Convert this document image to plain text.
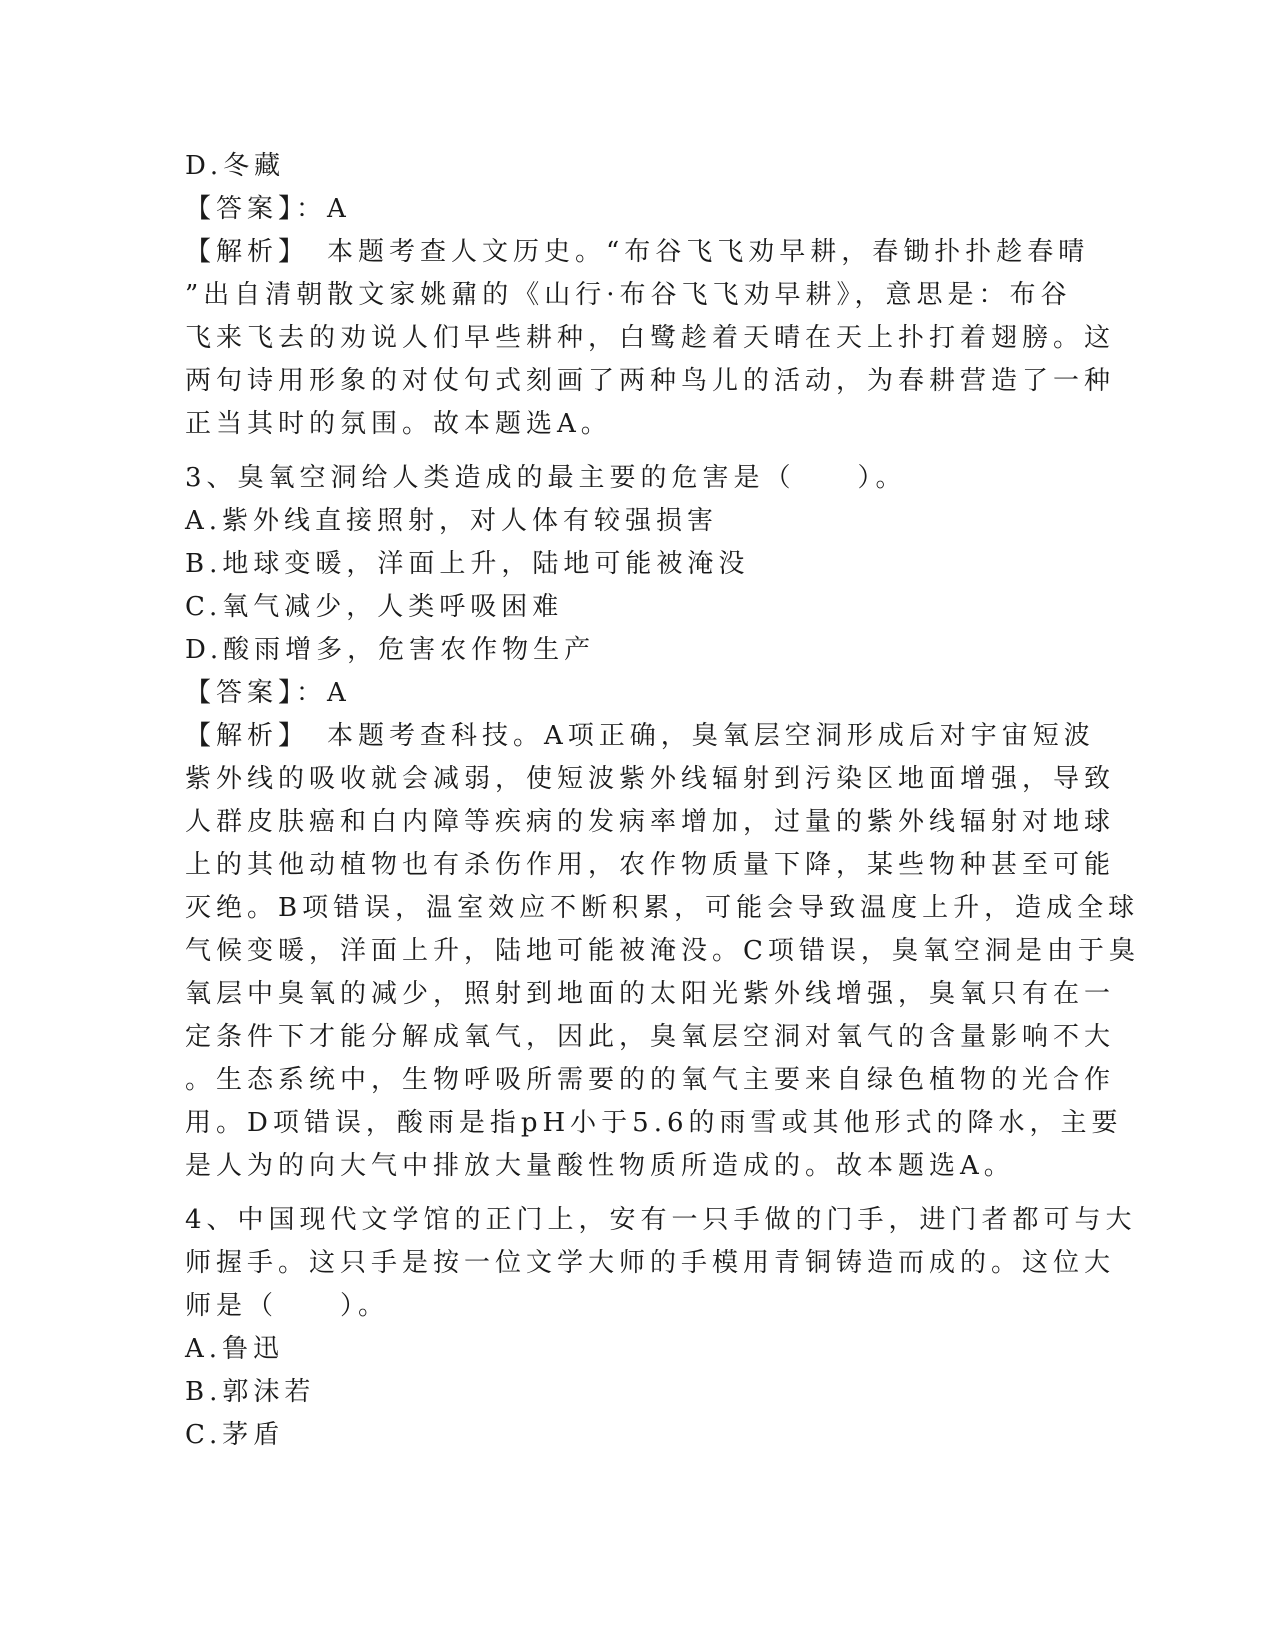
D.冬藏
【答案】：A
【解析】　本题考查人文历史。“布谷飞飞劝早耕，春锄扑扑趁春晴
”出自清朝散文家姚鼐的《山行·布谷飞飞劝早耕》，意思是：布谷
飞来飞去的劝说人们早些耕种，白鹭趁着天晴在天上扑打着翅膀。这
两句诗用形象的对仗句式刻画了两种鸟儿的活动，为春耕营造了一种
正当其时的氛围。故本题选A。
3、臭氧空洞给人类造成的最主要的危害是（　　）。
A.紫外线直接照射，对人体有较强损害
B.地球变暖，洋面上升，陆地可能被淹没
C.氧气减少，人类呼吸困难
D.酸雨增多，危害农作物生产
【答案】：A
【解析】　本题考查科技。A项正确，臭氧层空洞形成后对宇宙短波
紫外线的吸收就会减弱，使短波紫外线辐射到污染区地面增强，导致
人群皮肤癌和白内障等疾病的发病率增加，过量的紫外线辐射对地球
上的其他动植物也有杀伤作用，农作物质量下降，某些物种甚至可能
灭绝。B项错误，温室效应不断积累，可能会导致温度上升，造成全球
气候变暖，洋面上升，陆地可能被淹没。C项错误，臭氧空洞是由于臭
氧层中臭氧的减少，照射到地面的太阳光紫外线增强，臭氧只有在一
定条件下才能分解成氧气，因此，臭氧层空洞对氧气的含量影响不大
。生态系统中，生物呼吸所需要的的氧气主要来自绿色植物的光合作
用。D项错误，酸雨是指pH小于5.6的雨雪或其他形式的降水，主要
是人为的向大气中排放大量酸性物质所造成的。故本题选A。
4、中国现代文学馆的正门上，安有一只手做的门手，进门者都可与大
师握手。这只手是按一位文学大师的手模用青铜铸造而成的。这位大
师是（　　）。
A.鲁迅
B.郭沫若
C.茅盾
